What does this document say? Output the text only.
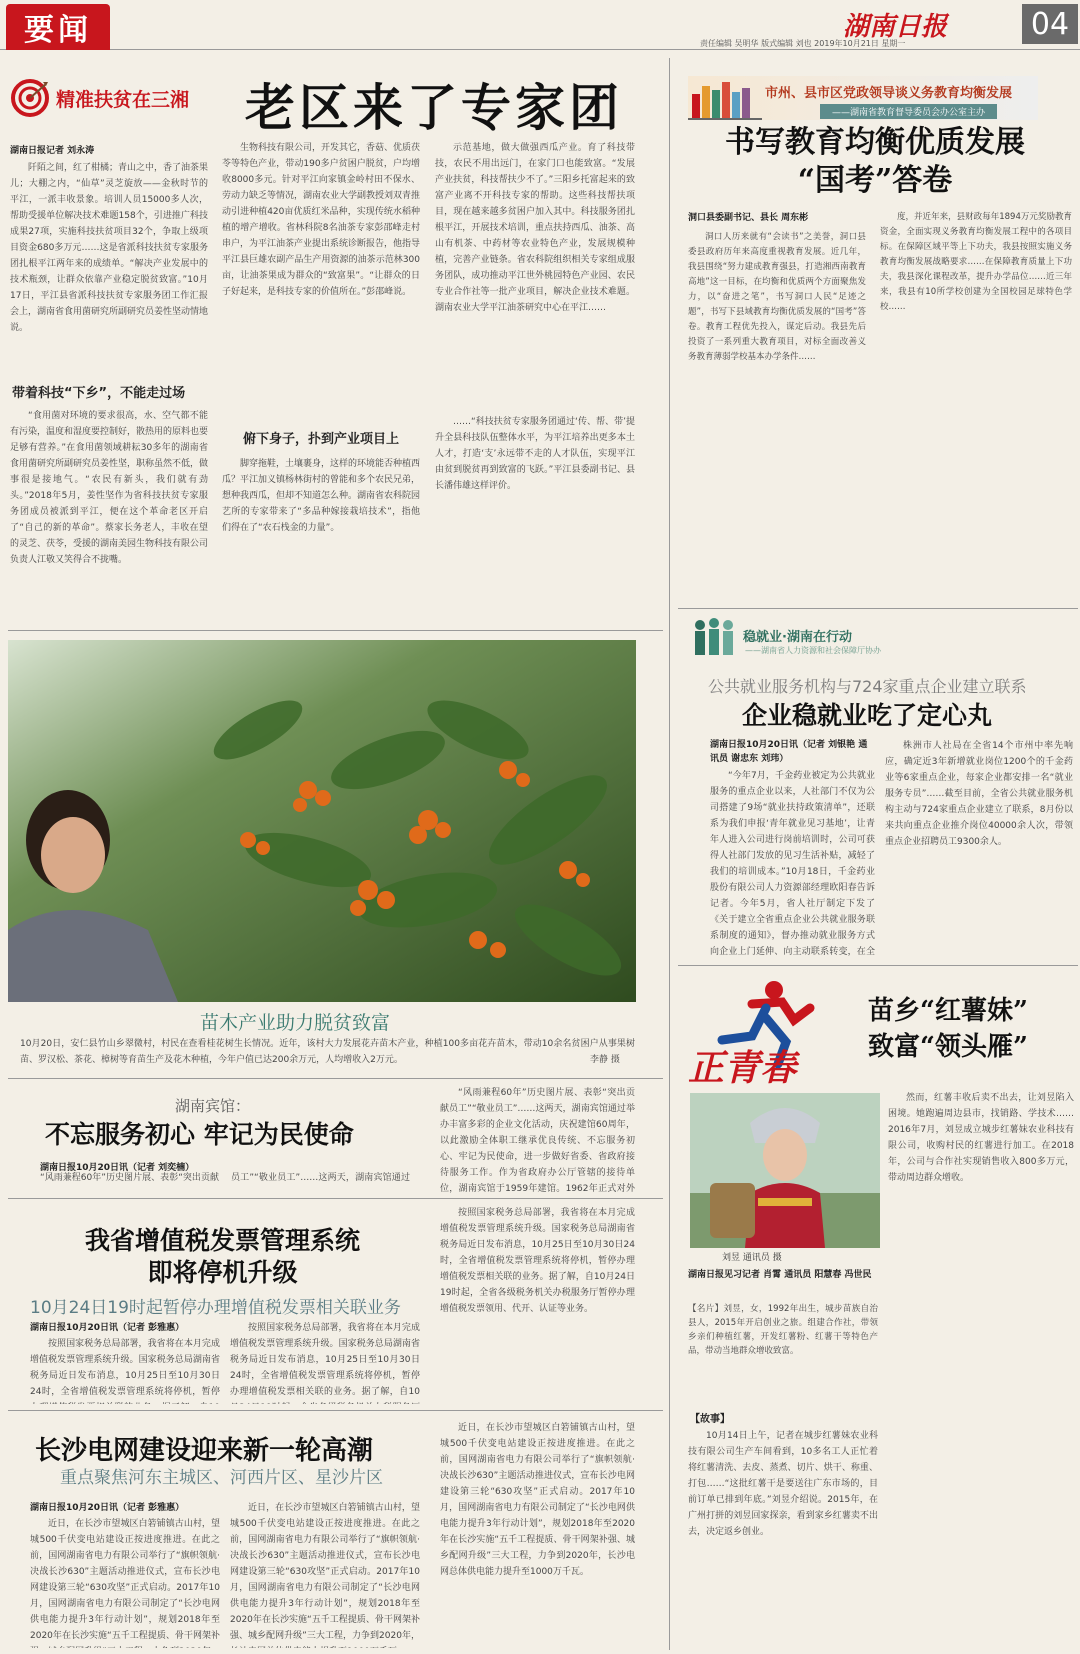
要闻	湖南日报
责任编辑 吴明华 版式编辑 刘也 2019年10月21日 星期一
04
精准扶贫在三湘 老区来了专家团
湖南日报记者 刘永涛

阡陌之间，红了柑橘；青山之中，香了油茶果儿；大棚之内，“仙草”灵芝旋放——金秋时节的平江，一派丰收景象。培训人员15000多人次，帮助受援单位解决技术难题158个，引进推广科技成果27项，实施科技扶贫项目32个，争取上级项目资金680多万元……这是省派科技扶贫专家服务团扎根平江两年来的成绩单。“解决产业发展中的技术瓶颈，让群众依靠产业稳定脱贫致富。”10月17日，平江县省派科技扶贫专家服务团工作汇报会上，湖南省食用菌研究所副研究员姜性坚动情地说。

带着科技“下乡”，不能走过场

“食用菌对环境的要求很高，水、空气都不能有污染，温度和湿度要控制好，散热用的原料也要足够有营养。”在食用菌领域耕耘30多年的湖南省食用菌研究所副研究员姜性坚，职称虽然不低，做事很是接地气。“农民有新头，我们就有劲头。”2018年5月，姜性坚作为省科技扶贫专家服务团成员被派到平江，便在这个革命老区开启了“自己的新的革命”。蔡家长务老人，丰收在望的灵芝、茯苓，受援的湖南美园生物科技有限公司负责人江敬又笑得合不拢嘴。

生物科技有限公司，开发其它，香菇、优质茯苓等特色产业，带动190多户贫困户脱贫，户均增收8000多元。针对平江向家镇金岭村田不保水、劳动力缺乏等情况，湖南农业大学副教授刘双青推动引进种植420亩优质红米品种，实现传统水稻种植的增产增收。省林科院8名油茶专家彭邵峰走村串户，为平江油茶产业提出系统诊断报告，他指导平江县巨雄农副产品生产用资源的油茶示范林300亩，让油茶果成为群众的“致富果”。“让群众的日子好起来，是科技专家的价值所在。”彭邵峰说。

俯下身子，扑到产业项目上

脚穿拖鞋，土壤裹身，这样的环境能否种植西瓜？平江加义镇杨林街村的曾能和多个农民兄弟，想种我西瓜，但却不知道怎么种。湖南省农科院园艺所的专家带来了“多品种嫁接栽培技术”，指他们得在了“农石栈金的力量”。

示范基地，做大做强西瓜产业。育了科技带技，农民不用出远门，在家门口也能致富。“发展产业扶贫，科技帮扶少不了。”三阳乡托富起来的致富产业离不开科技专家的帮助。这些科技帮扶项目，现在越来越多贫困户加入其中。科技服务团扎根平江，开展技术培训，重点扶持西瓜、油茶、高山有机茶、中药材等农业特色产业，发展规模种植，完善产业链条。省农科院组织相关专家组成服务团队，成功推动平江世外桃园特色产业园、农民专业合作社等一批产业项目，解决企业技术难题。湖南农业大学平江油茶研究中心在平江……

……“科技扶贫专家服务团通过‘传、帮、带’提升全县科技队伍整体水平，为平江培养出更多本土人才，打造‘支’永远带不走的人才队伍，实现平江由贫到脱贫再到致富的飞跃。”平江县委副书记、县长潘伟雄这样评价。

苗木产业助力脱贫致富
10月20日，安仁县竹山乡翠微村，村民在查看桂花树生长情况。近年，该村大力发展花卉苗木产业，种植100多亩花卉苗木，带动10余名贫困户从事果树苗、罗汉松、茶花、樟树等育苗生产及花木种植，今年户值已达200余万元，人均增收入2万元。	李静 摄
市州、县市区党政领导谈义务教育均衡发展
——湖南省教育督导委员会办公室主办
书写教育均衡优质发展
“国考”答卷
洞口县委副书记、县长 周东彬

洞口人历来就有“会读书”之美誉，洞口县委县政府历年来高度重视教育发展。近几年，我县围绕“努力建成教育强县，打造湘西南教育高地”这一目标，在均衡和优质两个方面聚焦发力，以“奋进之笔”，书写洞口人民“足迹之题”，书写下县域教育均衡优质发展的“国考”答卷。教育工程优先投入，谋定后动。我县先后投资了一系列重大教育项目，对标全面改善义务教育薄弱学校基本办学条件……

度，并近年来，县财政每年1894万元奖励教育资金，全面实现义务教育均衡发展工程中的各项目标。在保障区域平等上下功夫，我县按照实施义务教育均衡发展战略要求……在保障教育质量上下功夫，我县深化课程改革，提升办学品位……近三年来，我县有10所学校创建为全国校园足球特色学校……

稳就业·湖南在行动
——湖南省人力资源和社会保障厅协办
公共就业服务机构与724家重点企业建立联系
企业稳就业吃了定心丸
湖南日报10月20日讯（记者 刘银艳 通讯员 谢忠东 刘玮）

“今年7月，千金药业被定为公共就业服务的重点企业以来，人社部门不仅为公司搭建了9场“就业扶持政策清单”，还联系为我们申报‘青年就业见习基地’，让青年人进入公司进行岗前培训时，公司可获得人社部门发放的见习生活补贴，减轻了我们的培训成本。”10月18日，千金药业股份有限公司人力资源部经理欧阳春告诉记者。今年5月，省人社厅制定下发了《关于建立全省重点企业公共就业服务联系制度的通知》，督办推动就业服务方式向企业上门延伸、向主动联系转变，在全

株洲市人社局在全省14个市州中率先响应，确定近3年新增就业岗位1200个的千金药业等6家重点企业，每家企业都安排一名“就业服务专员”……截至目前，全省公共就业服务机构主动与724家重点企业建立了联系，8月份以来共向重点企业推介岗位40000余人次，带领重点企业招聘员工9300余人。

正青春
苗乡“红薯妹”
致富“领头雁”
刘昱 通讯员 摄
湖南日报见习记者 肖霄 通讯员 阳慧春 冯世民
【名片】刘昱，女，1992年出生，城步苗族自治县人，2015年开启创业之旅。组建合作社，带领乡亲们种植红薯，开发红薯粉、红薯干等特色产品，带动当地群众增收致富。
【故事】

10月14日上午，记者在城步红薯妹农业科技有限公司生产车间看到，10多名工人正忙着将红薯清洗、去皮、蒸煮、切片、烘干、称重、打包……“这批红薯干是要送往广东市场的，目前订单已排到年底。”刘昱介绍说。2015年，在广州打拼的刘昱回家探亲，看到家乡红薯卖不出去，决定返乡创业。

然而，红薯丰收后卖不出去，让刘昱陷入困境。她跑遍周边县市，找销路、学技术……2016年7月，刘昱成立城步红薯妹农业科技有限公司，收购村民的红薯进行加工。在2018年，公司与合作社实现销售收入800多万元，带动周边群众增收。

湖南宾馆：
不忘服务初心 牢记为民使命
湖南日报10月20日讯（记者 刘奕楠）
“风雨兼程60年”历史图片展、表彰“突出贡献员工”“敬业员工”……这两天，湖南宾馆通过

“风雨兼程60年”历史图片展、表彰“突出贡献员工”“敬业员工”……这两天，湖南宾馆通过举办丰富多彩的企业文化活动，庆祝建馆60周年，以此激励全体职工继承优良传统、不忘服务初心、牢记为民使命，进一步做好省委、省政府接待服务工作。作为省政府办公厅管辖的接待单位，湖南宾馆于1959年建馆。1962年正式对外

我省增值税发票管理系统
即将停机升级
10月24日19时起暂停办理增值税发票相关联业务
湖南日报10月20日讯（记者 彭雅惠）

按照国家税务总局部署，我省将在本月完成增值税发票管理系统升级。国家税务总局湖南省税务局近日发布消息，10月25日至10月30日24时，全省增值税发票管理系统将停机，暂停

按照国家税务总局部署，我省将在本月完成增值税发票管理系统升级。国家税务总局湖南省税务局近日发布消息，10月25日至10月30日24时，全省增值税发票管理系统将停机，暂停办理增值税发票相关联的业务。据了解，自10

按照国家税务总局部署，我省将在本月完成增值税发票管理系统升级。国家税务总局湖南省税务局近日发布消息，10月25日至10月30日24时，全省增值税发票管理系统将停机，暂停办理增值税发票相关联的业务。据了解，自10月24日19时起，全省各级税务机关办税服务厅暂停办理增值税发票领用、代开、认证等业务。

长沙电网建设迎来新一轮高潮
重点聚焦河东主城区、河西片区、星沙片区
湖南日报10月20日讯（记者 彭雅惠）

近日，在长沙市望城区白箬铺镇古山村，望城500千伏变电站建设正按进度推进。在此之前，国网湖南省电力有限公司举行了“旗帜领航·决战长沙630”主题活动推进仪式，宣布长沙电网建设第三轮“630攻坚”正式启动。2017年10月，国网湖南省电力有限公司制定了“长沙电网供电能力提升3年行动计划”，规划2018年至2020年在长沙实施“五千工程提质、骨干网架补

近日，在长沙市望城区白箬铺镇古山村，望城500千伏变电站建设正按进度推进。在此之前，国网湖南省电力有限公司举行了“旗帜领航·决战长沙630”主题活动推进仪式，宣布长沙电网建设第三轮“630攻坚”正式启动。2017年10月，国网湖南省电力有限公司制定了“长沙电网供电能力提升3年行动计划”，规划2018年至2020年在长沙实施“五千工程提质、骨干网架补强、城乡配网升级”三大工程，力争到2020年，

近日，在长沙市望城区白箬铺镇古山村，望城500千伏变电站建设正按进度推进。在此之前，国网湖南省电力有限公司举行了“旗帜领航·决战长沙630”主题活动推进仪式，宣布长沙电网建设第三轮“630攻坚”正式启动。2017年10月，国网湖南省电力有限公司制定了“长沙电网供电能力提升3年行动计划”，规划2018年至2020年在长沙实施“五千工程提质、骨干网架补强、城乡配网升级”三大工程，力争到2020年，长沙电网总体供电能力提升至1000万千瓦。
